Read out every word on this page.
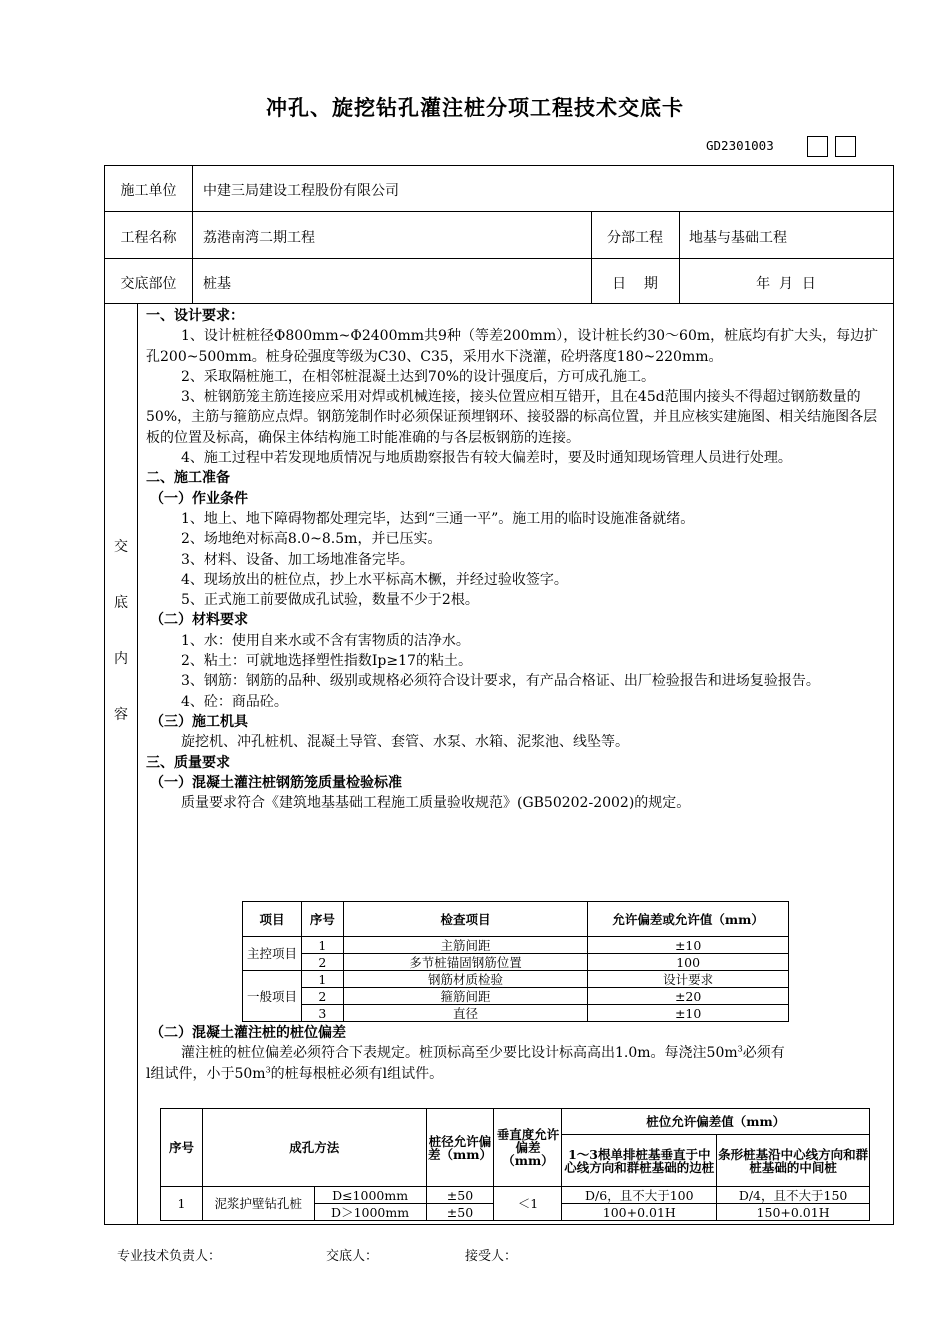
冲孔、旋挖钻孔灌注桩分项工程技术交底卡
GD2301003
施工单位	中建三局建设工程股份有限公司
工程名称	荔港南湾二期工程	分部工程	地基与基础工程
交底部位	桩基	日    期	年  月  日
交
底
内
容

一、设计要求：

1、设计桩桩径Φ800mm~Φ2400mm共9种（等差200mm），设计桩长约30～60m，桩底均有扩大头，每边扩孔200~500mm。桩身砼强度等级为C30、C35，采用水下浇灌，砼坍落度180~220mm。

2、采取隔桩施工，在相邻桩混凝土达到70%的设计强度后，方可成孔施工。

3、桩钢筋笼主筋连接应采用对焊或机械连接，接头位置应相互错开，且在45d范围内接头不得超过钢筋数量的50%，主筋与箍筋应点焊。钢筋笼制作时必须保证预埋钢环、接驳器的标高位置，并且应核实建施图、相关结施图各层板的位置及标高，确保主体结构施工时能准确的与各层板钢筋的连接。

4、施工过程中若发现地质情况与地质勘察报告有较大偏差时，要及时通知现场管理人员进行处理。

二、施工准备

（一）作业条件

1、地上、地下障碍物都处理完毕，达到“三通一平”。施工用的临时设施准备就绪。

2、场地绝对标高8.0~8.5m，并已压实。

3、材料、设备、加工场地准备完毕。

4、现场放出的桩位点，抄上水平标高木橛，并经过验收签字。

5、正式施工前要做成孔试验，数量不少于2根。

（二）材料要求

1、水：使用自来水或不含有害物质的洁净水。

2、粘土：可就地选择塑性指数Ip≥17的粘土。

3、钢筋：钢筋的品种、级别或规格必须符合设计要求，有产品合格证、出厂检验报告和进场复验报告。

4、砼：商品砼。

（三）施工机具

旋挖机、冲孔桩机、混凝土导管、套管、水泵、水箱、泥浆池、线坠等。

三、质量要求

（一）混凝土灌注桩钢筋笼质量检验标准

质量要求符合《建筑地基基础工程施工质量验收规范》(GB50202-2002)的规定。

项目	序号	检查项目	允许偏差或允许值（mm）
主控项目	1	主筋间距	±10
	2	多节桩锚固钢筋位置	100
一般项目	1	钢筋材质检验	设计要求
	2	箍筋间距	±20
	3	直径	±10

（二）混凝土灌注桩的桩位偏差

灌注桩的桩位偏差必须符合下表规定。桩顶标高至少要比设计标高高出1.0m。每浇注$50m^3$必须有

l组试件，小于$50m^3$的桩每根桩必须有l组试件。

序号	成孔方法		桩径允许偏差（mm）	垂直度允许偏差（mm）	桩位允许偏差值（mm）	
					1～3根单排桩基垂直于中心线方向和群桩基础的边桩	条形桩基沿中心线方向和群桩基础的中间桩
1	泥浆护壁钻孔桩	D≤1000mm	±50	＜1	D/6，且不大于100	D/4，且不大于150
		D＞1000mm	±50		100+0.01H	150+0.01H
专业技术负责人：	交底人：	接受人：
